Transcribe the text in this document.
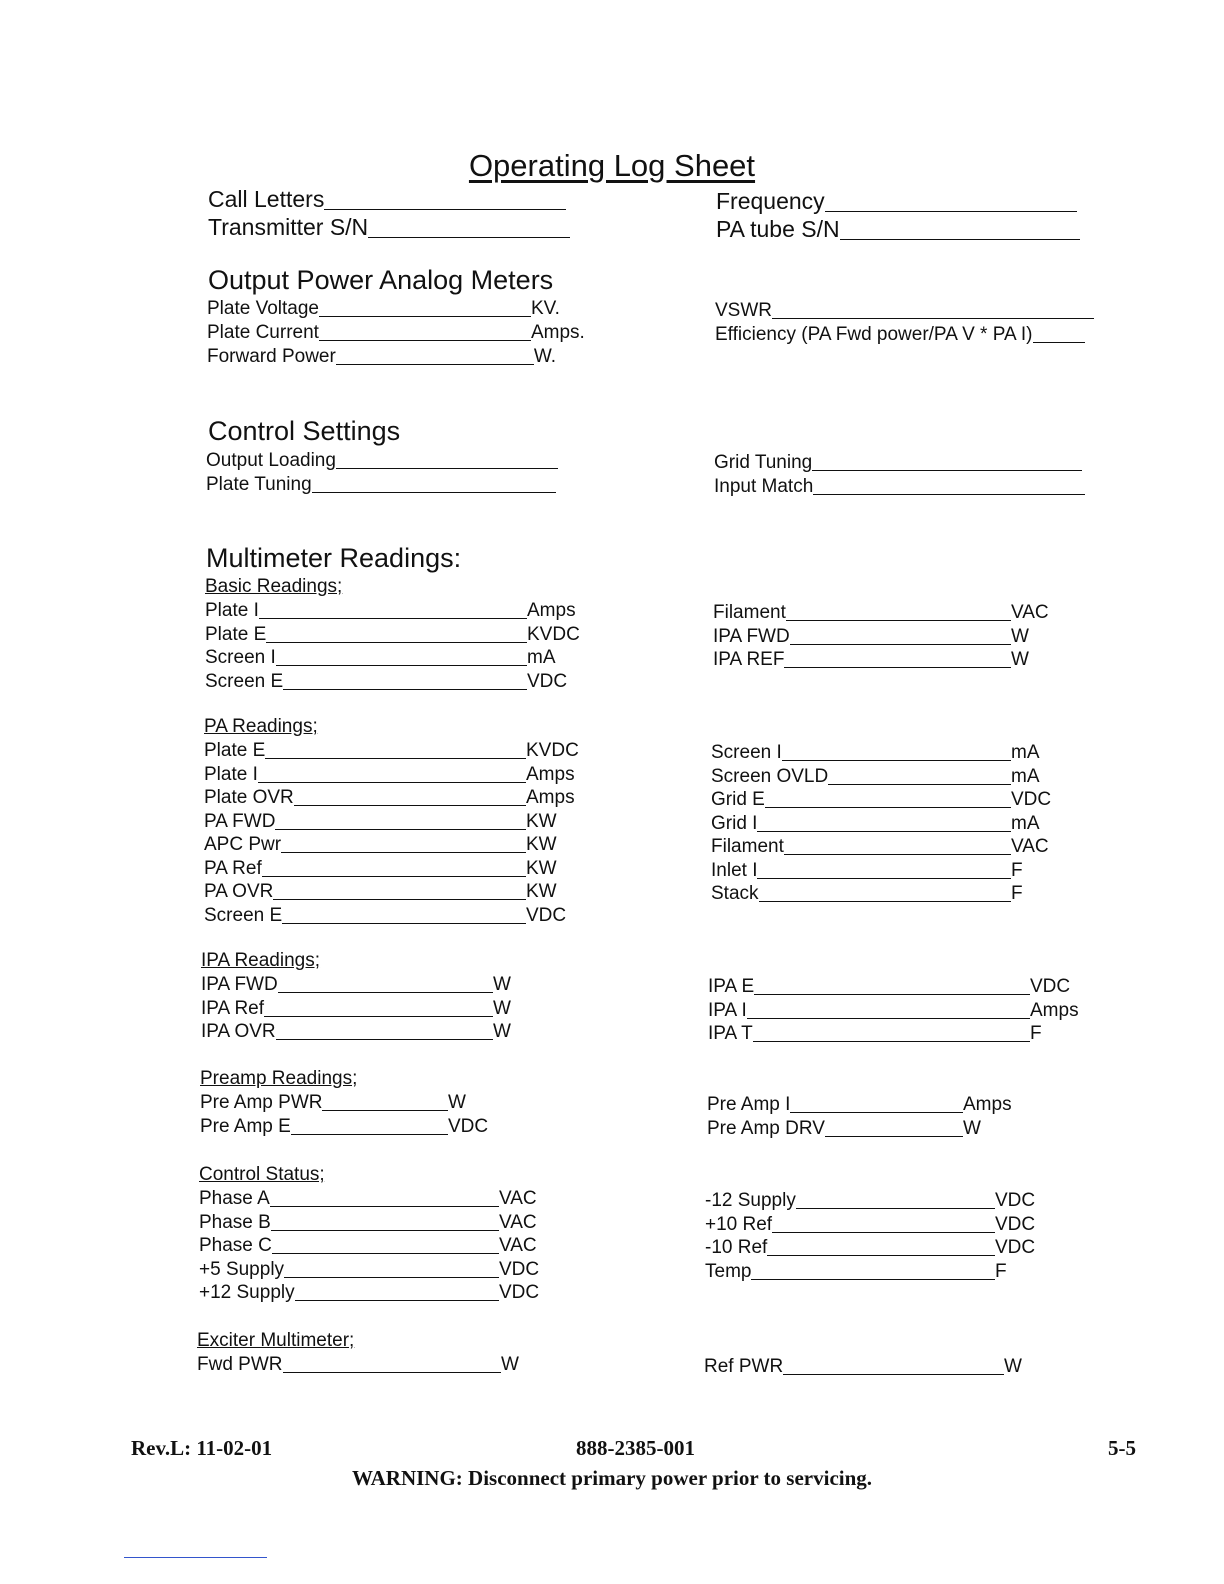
Operating Log Sheet
Call Letters
Transmitter S/N
Frequency
PA tube S/N
Output Power Analog Meters
Plate Voltage	KV.
Plate Current	Amps.
Forward Power	W.
VSWR
Efficiency (PA Fwd power/PA V * PA I)
Control Settings
Output Loading
Plate Tuning
Grid Tuning
Input Match
Multimeter Readings:
Basic Readings;
Plate I	Amps
Plate E	KVDC
Screen I	mA
Screen E	VDC
Filament	VAC
IPA FWD	W
IPA REF	W
PA Readings;
Plate E	KVDC
Plate I	Amps
Plate OVR	Amps
PA FWD	KW
APC Pwr	KW
PA Ref	KW
PA OVR	KW
Screen E	VDC
Screen I	mA
Screen OVLD	mA
Grid E	VDC
Grid I	mA
Filament	VAC
Inlet I	F
Stack	F
IPA Readings;
IPA FWD	W
IPA Ref	W
IPA OVR	W
IPA E	VDC
IPA I	Amps
IPA T	F
Preamp Readings;
Pre Amp PWR	W
Pre Amp E	VDC
Pre Amp I	Amps
Pre Amp DRV	W
Control Status;
Phase A	VAC
Phase B	VAC
Phase C	VAC
+5 Supply	VDC
+12 Supply	VDC
-12 Supply	VDC
+10 Ref	VDC
-10 Ref	VDC
Temp	F
Exciter Multimeter;
Fwd PWR	W	Ref PWR	W
Rev.L: 11-02-01	888-2385-001	5-5
WARNING: Disconnect primary power prior to servicing.
